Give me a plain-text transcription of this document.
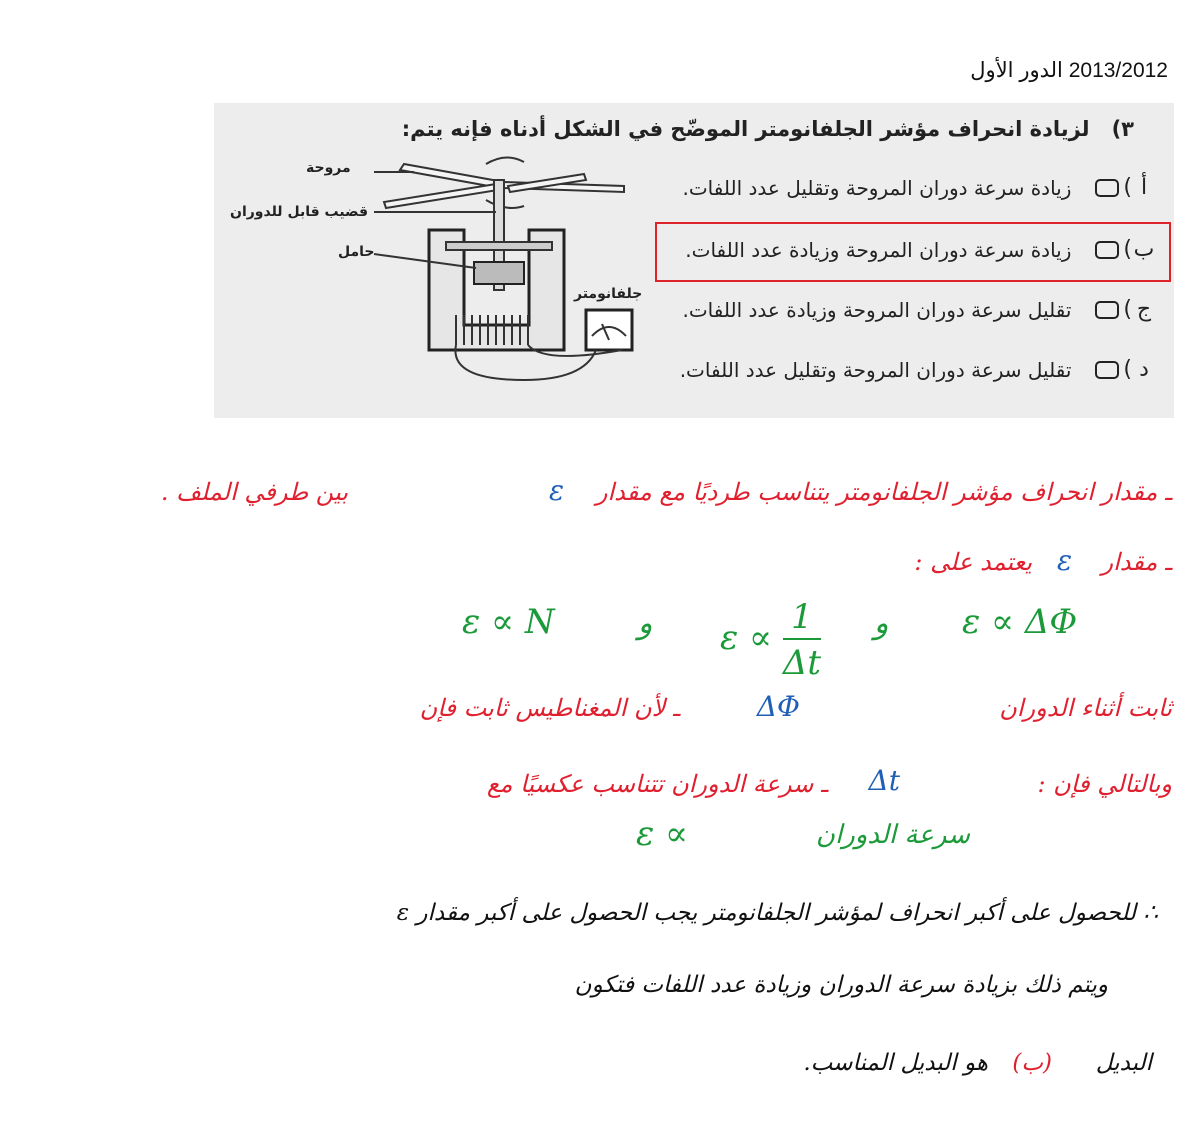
2013/2012 الدور الأول
٣)لزيادة انحراف مؤشر الجلفانومتر الموضّح في الشكل أدناه فإنه يتم:
أ
)
زيادة سرعة دوران المروحة وتقليل عدد اللفات.
ب
)
زيادة سرعة دوران المروحة وزيادة عدد اللفات.
ج
)
تقليل سرعة دوران المروحة وزيادة عدد اللفات.
د
)
تقليل سرعة دوران المروحة وتقليل عدد اللفات.
مروحة
قضيب قابل للدوران
حامل
جلفانومتر
بين طرفي الملف .	ε ـ مقدار انحراف مؤشر الجلفانومتر يتناسب طرديًا مع مقدار
ـ مقدار
ε
يعتمد على :
ε ∝ N	و $\varepsilon \propto \frac{1}{\Delta t}$ و ε ∝ ΔΦ
ثابت أثناء الدوران
ΔΦ
ـ لأن المغناطيس ثابت فإن
وبالتالي فإن :
Δt
ـ سرعة الدوران تتناسب عكسيًا مع
سرعة الدوران
ε ∝
∴ للحصول على أكبر انحراف لمؤشر الجلفانومتر يجب الحصول على أكبر مقدار ε
ويتم ذلك بزيادة سرعة الدوران وزيادة عدد اللفات فتكون
البديل
(ب)
هو البديل المناسب.
